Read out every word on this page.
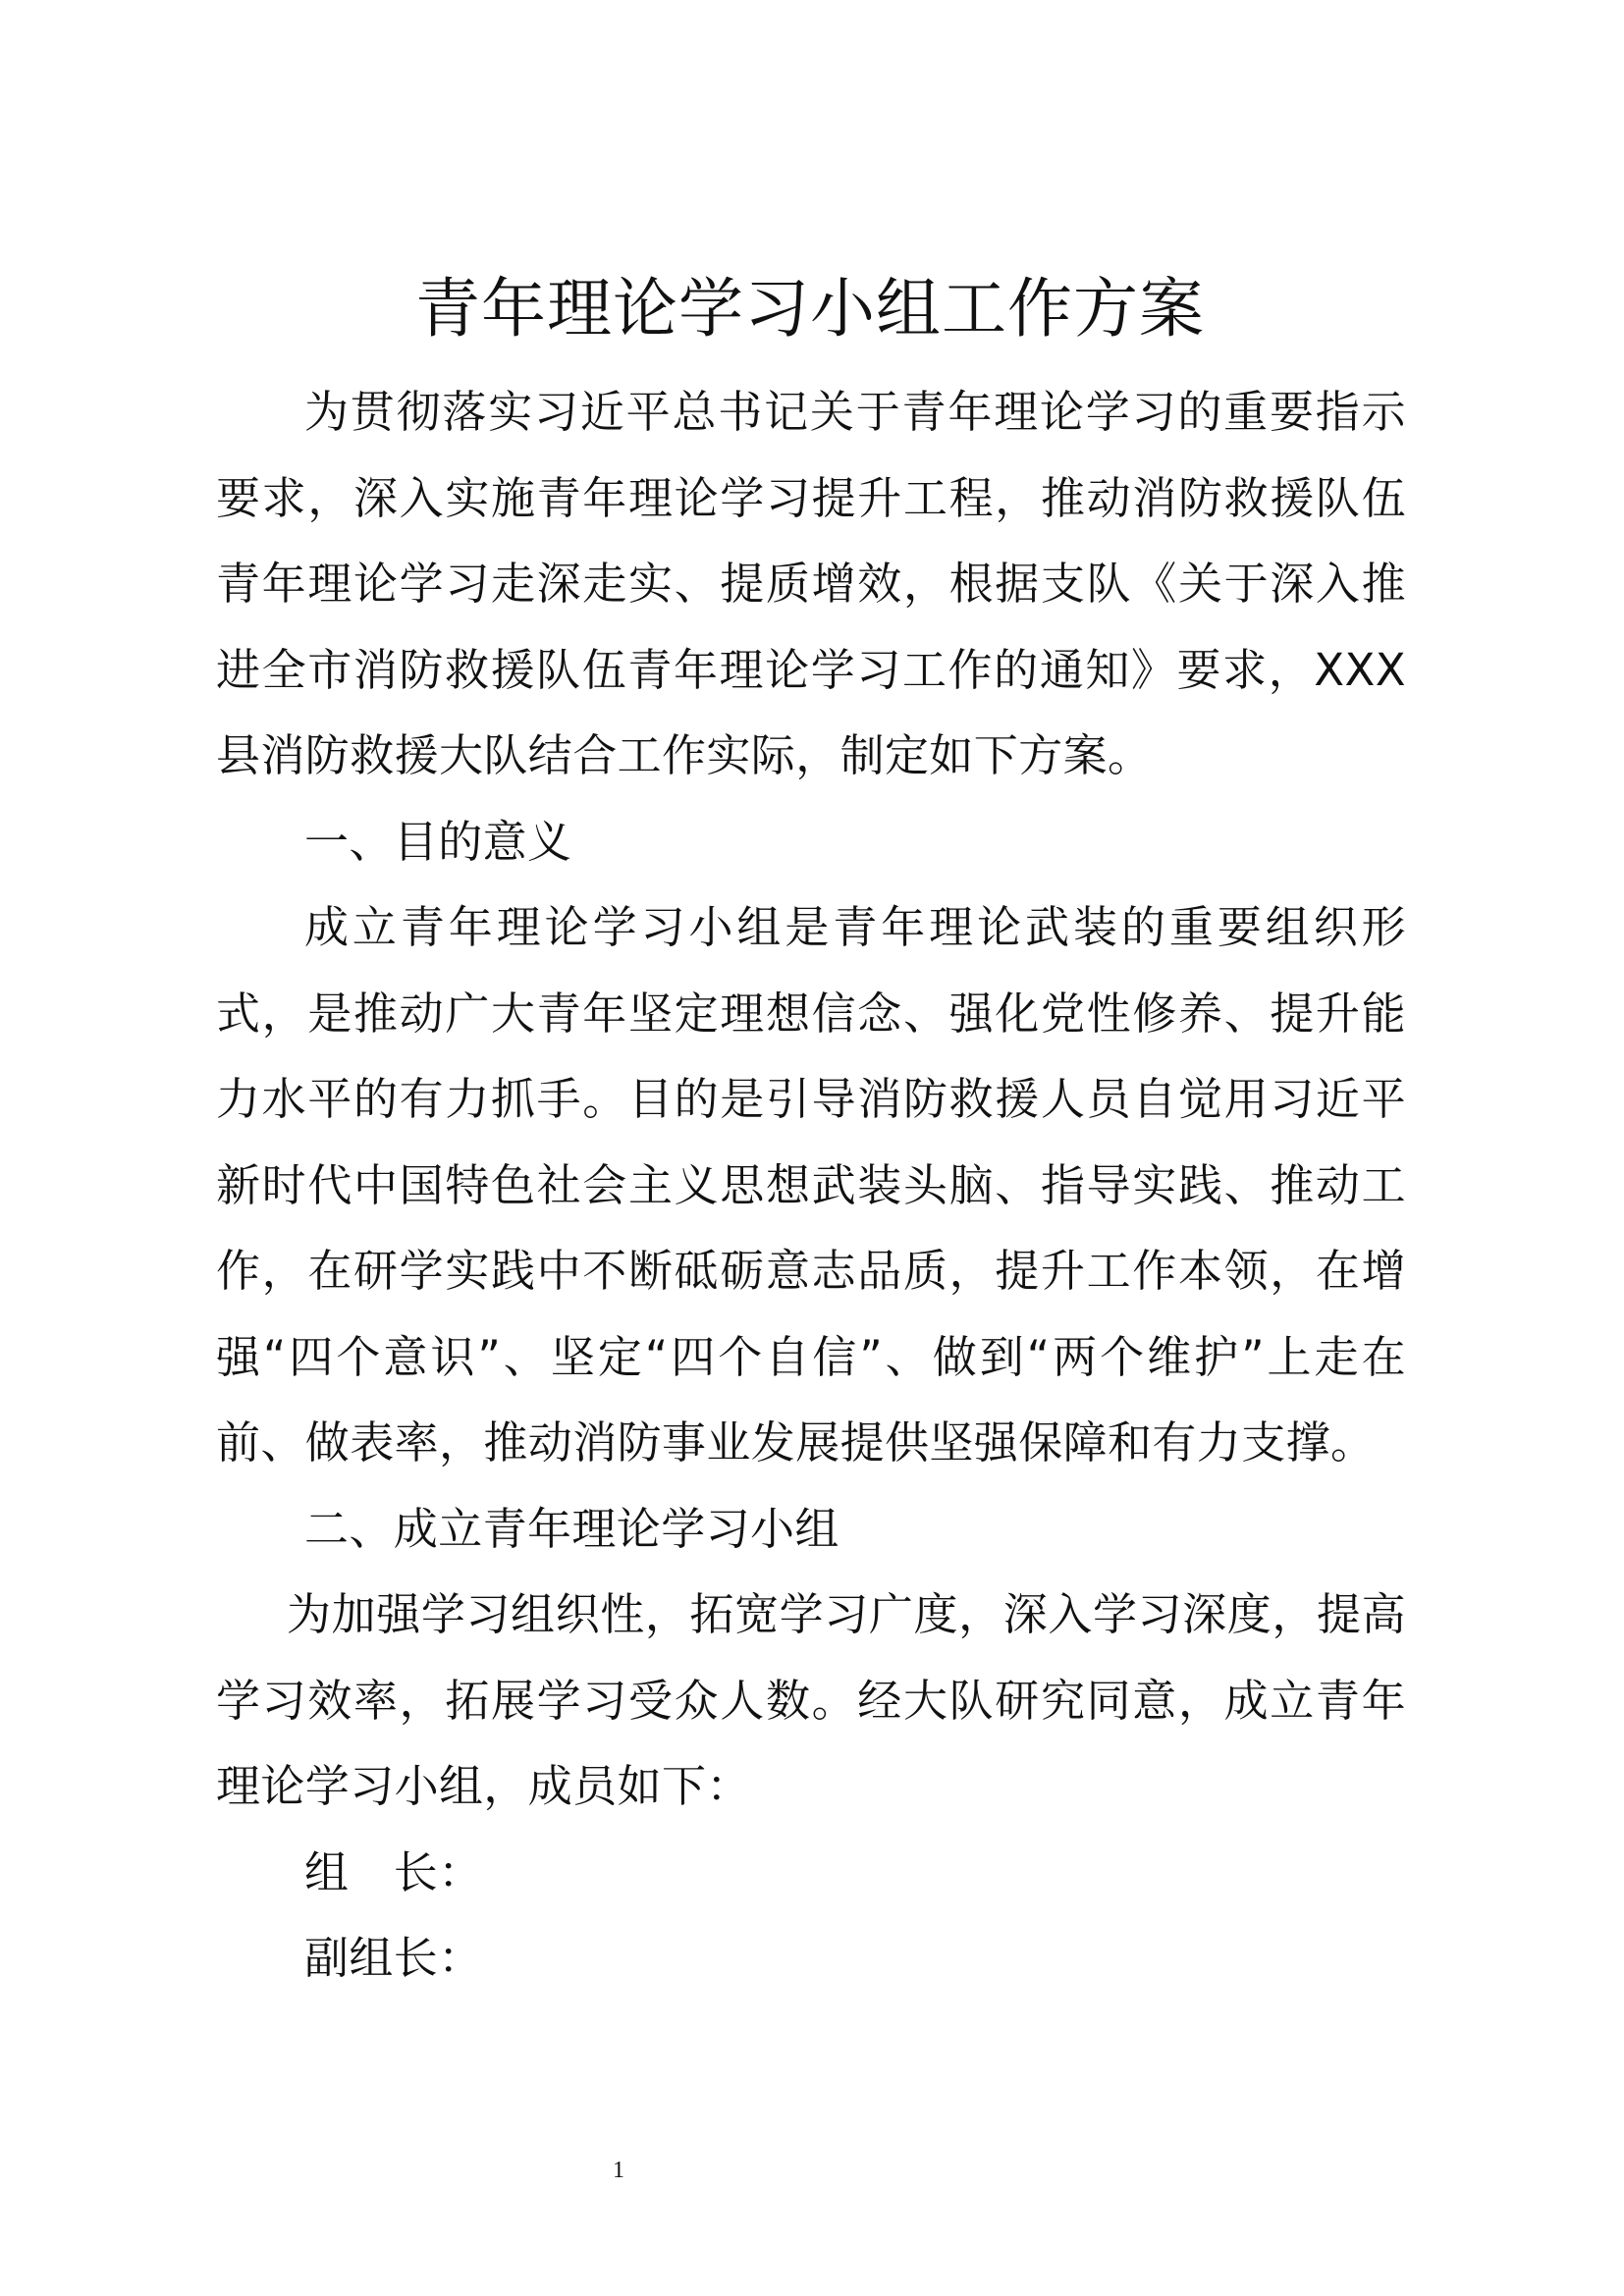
青年理论学习小组工作方案

为贯彻落实习近平总书记关于青年理论学习的重要指示要求，深入实施青年理论学习提升工程，推动消防救援队伍青年理论学习走深走实、提质增效，根据支队《关于深入推进全市消防救援队伍青年理论学习工作的通知》要求，XXX县消防救援大队结合工作实际，制定如下方案。

一、目的意义

成立青年理论学习小组是青年理论武装的重要组织形式，是推动广大青年坚定理想信念、强化党性修养、提升能力水平的有力抓手。目的是引导消防救援人员自觉用习近平新时代中国特色社会主义思想武装头脑、指导实践、推动工作，在研学实践中不断砥砺意志品质，提升工作本领，在增强“四个意识”、坚定“四个自信”、做到“两个维护”上走在前、做表率，推动消防事业发展提供坚强保障和有力支撑。

二、成立青年理论学习小组

为加强学习组织性，拓宽学习广度，深入学习深度，提高学习效率，拓展学习受众人数。经大队研究同意，成立青年理论学习小组，成员如下：

组　长：

副组长：

1
